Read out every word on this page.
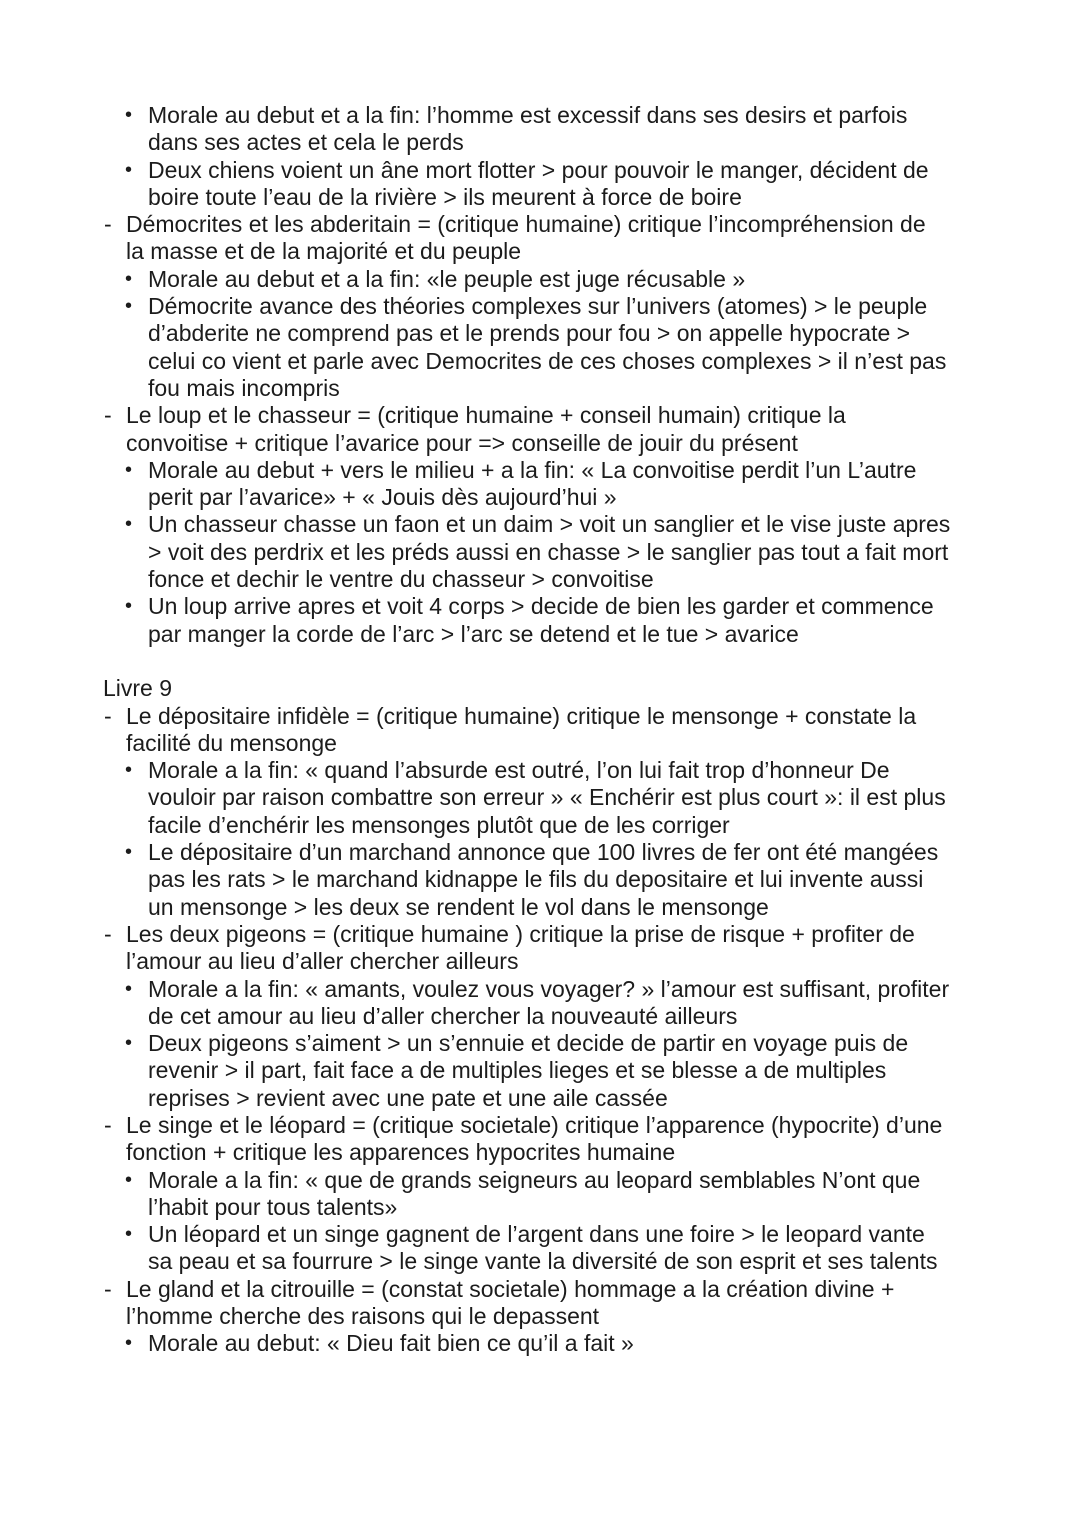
• Morale au debut et a la fin: l’homme est excessif dans ses desirs et parfois
dans ses actes et cela le perds
• Deux chiens voient un âne mort flotter > pour pouvoir le manger, décident de
boire toute l’eau de la rivière > ils meurent à force de boire
- Démocrites et les abderitain = (critique humaine) critique l’incompréhension de
la masse et de la majorité et du peuple
• Morale au debut et a la fin: «le peuple est juge récusable »
• Démocrite avance des théories complexes sur l’univers (atomes) > le peuple
d’abderite ne comprend pas et le prends pour fou > on appelle hypocrate >
celui co vient et parle avec Democrites de ces choses complexes > il n’est pas
fou mais incompris
- Le loup et le chasseur = (critique humaine + conseil humain) critique la
convoitise + critique l’avarice pour => conseille de jouir du présent
• Morale au debut + vers le milieu + a la fin: « La convoitise perdit l’un L’autre
perit par l’avarice» + « Jouis dès aujourd’hui »
• Un chasseur chasse un faon et un daim > voit un sanglier et le vise juste apres
> voit des perdrix et les préds aussi en chasse > le sanglier pas tout a fait mort
fonce et dechir le ventre du chasseur > convoitise
• Un loup arrive apres et voit 4 corps > decide de bien les garder et commence
par manger la corde de l’arc > l’arc se detend et le tue > avarice
Livre 9
- Le dépositaire infidèle = (critique humaine) critique le mensonge + constate la
facilité du mensonge
• Morale a la fin: « quand l’absurde est outré, l’on lui fait trop d’honneur De
vouloir par raison combattre son erreur » « Enchérir est plus court »: il est plus
facile d’enchérir les mensonges plutôt que de les corriger
• Le dépositaire d’un marchand annonce que 100 livres de fer ont été mangées
pas les rats > le marchand kidnappe le fils du depositaire et lui invente aussi
un mensonge > les deux se rendent le vol dans le mensonge
- Les deux pigeons = (critique humaine ) critique la prise de risque + profiter de
l’amour au lieu d’aller chercher ailleurs
• Morale a la fin: « amants, voulez vous voyager? » l’amour est suffisant, profiter
de cet amour au lieu d’aller chercher la nouveauté ailleurs
• Deux pigeons s’aiment > un s’ennuie et decide de partir en voyage puis de
revenir > il part, fait face a de multiples lieges et se blesse a de multiples
reprises > revient avec une pate et une aile cassée
- Le singe et le léopard = (critique societale) critique l’apparence (hypocrite) d’une
fonction + critique les apparences hypocrites humaine
• Morale a la fin: « que de grands seigneurs au leopard semblables N’ont que
l’habit pour tous talents»
• Un léopard et un singe gagnent de l’argent dans une foire > le leopard vante
sa peau et sa fourrure > le singe vante la diversité de son esprit et ses talents
- Le gland et la citrouille = (constat societale) hommage a la création divine +
l’homme cherche des raisons qui le depassent
• Morale au debut: « Dieu fait bien ce qu’il a fait »
